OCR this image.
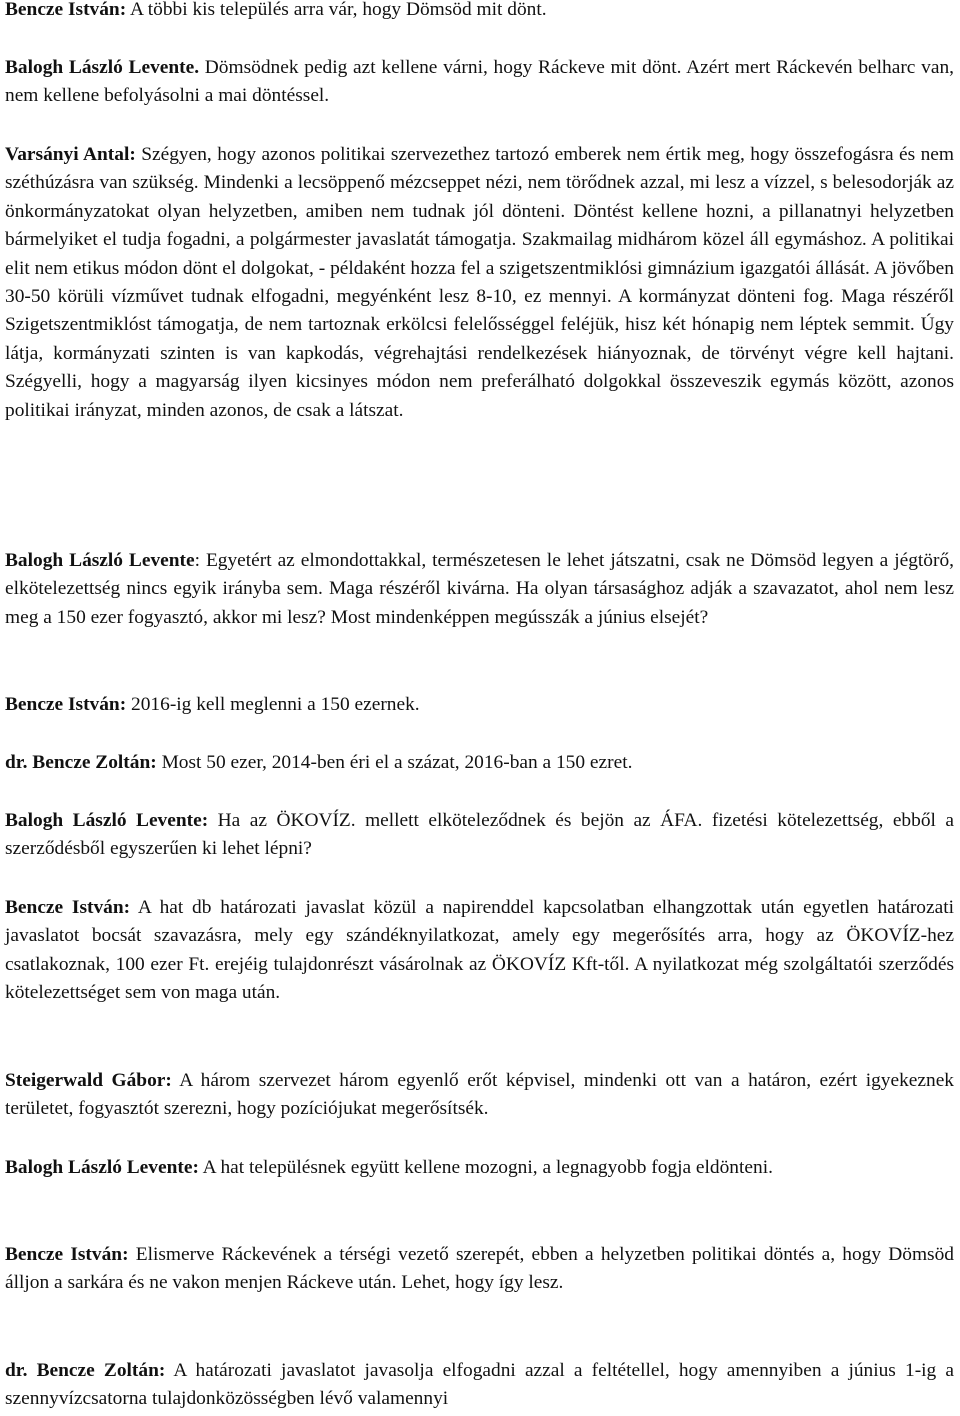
Bencze István: A többi kis település arra vár, hogy Dömsöd mit dönt.

Balogh László Levente. Dömsödnek pedig azt kellene várni, hogy Ráckeve mit dönt. Azért mert Ráckevén belharc van, nem kellene befolyásolni a mai döntéssel.

Varsányi Antal: Szégyen, hogy azonos politikai szervezethez tartozó emberek nem értik meg, hogy összefogásra és nem széthúzásra van szükség. Mindenki a lecsöppenő mézcseppet nézi, nem törődnek azzal, mi lesz a vízzel, s belesodorják az önkormányzatokat olyan helyzetben, amiben nem tudnak jól dönteni. Döntést kellene hozni, a pillanatnyi helyzetben bármelyiket el tudja fogadni, a polgármester javaslatát támogatja. Szakmailag midhárom közel áll egymáshoz. A politikai elit nem etikus módon dönt el dolgokat, - példaként hozza fel a szigetszentmiklósi gimnázium igazgatói állását. A jövőben 30-50 körüli vízművet tudnak elfogadni, megyénként lesz 8-10, ez mennyi. A kormányzat dönteni fog. Maga részéről Szigetszentmiklóst támogatja, de nem tartoznak erkölcsi felelősséggel feléjük, hisz két hónapig nem léptek semmit. Úgy látja, kormányzati szinten is van kapkodás, végrehajtási rendelkezések hiányoznak, de törvényt végre kell hajtani. Szégyelli, hogy a magyarság ilyen kicsinyes módon nem preferálható dolgokkal összeveszik egymás között, azonos politikai irányzat, minden azonos, de csak a látszat.

Balogh László Levente: Egyetért az elmondottakkal, természetesen le lehet játszatni, csak ne Dömsöd legyen a jégtörő, elkötelezettség nincs egyik irányba sem. Maga részéről kivárna. Ha olyan társasághoz adják a szavazatot, ahol nem lesz meg a 150 ezer fogyasztó, akkor mi lesz? Most mindenképpen megússzák a június elsejét?

Bencze István: 2016-ig kell meglenni a 150 ezernek.

dr. Bencze Zoltán: Most 50 ezer, 2014-ben éri el a százat, 2016-ban a 150 ezret.

Balogh László Levente: Ha az ÖKOVÍZ. mellett elköteleződnek és bejön az ÁFA. fizetési kötelezettség, ebből a szerződésből egyszerűen ki lehet lépni?

Bencze István: A hat db határozati javaslat közül a napirenddel kapcsolatban elhangzottak után egyetlen határozati javaslatot bocsát szavazásra, mely egy szándéknyilatkozat, amely egy megerősítés arra, hogy az ÖKOVÍZ-hez csatlakoznak, 100 ezer Ft. erejéig tulajdonrészt vásárolnak az ÖKOVÍZ Kft-től. A nyilatkozat még szolgáltatói szerződés kötelezettséget sem von maga után.

Steigerwald Gábor: A három szervezet három egyenlő erőt képvisel, mindenki ott van a határon, ezért igyekeznek területet, fogyasztót szerezni, hogy pozíciójukat megerősítsék.

Balogh László Levente: A hat településnek együtt kellene mozogni, a legnagyobb fogja eldönteni.

Bencze István: Elismerve Ráckevének a térségi vezető szerepét, ebben a helyzetben politikai döntés a, hogy Dömsöd álljon a sarkára és ne vakon menjen Ráckeve után. Lehet, hogy így lesz.

dr. Bencze Zoltán: A határozati javaslatot javasolja elfogadni azzal a feltétellel, hogy amennyiben a június 1-ig a szennyvízcsatorna tulajdonközösségben lévő valamennyi
